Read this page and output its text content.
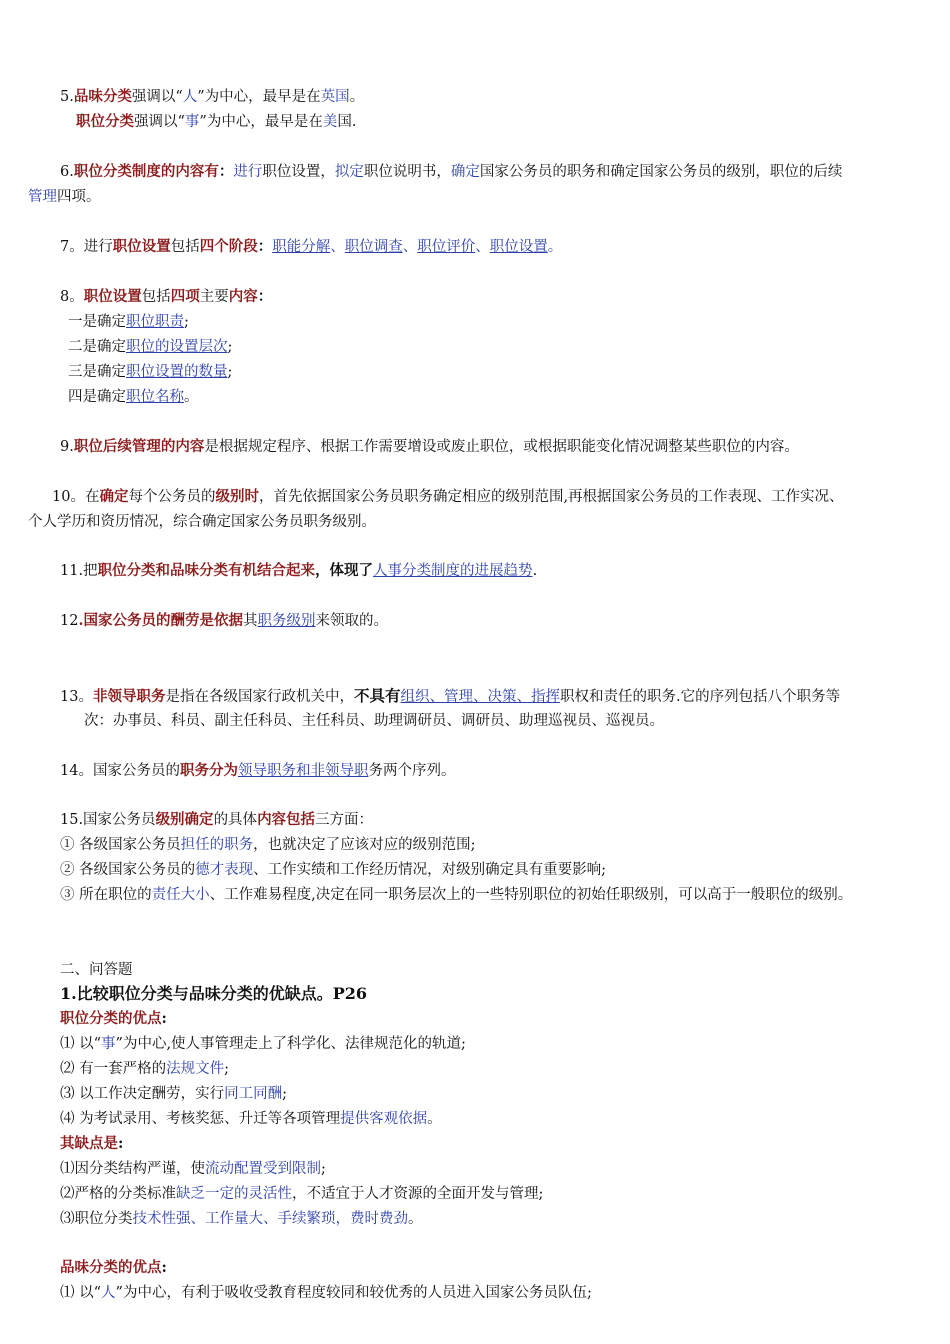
5.品味分类强调以“人”为中心，最早是在英国。
职位分类强调以“事”为中心，最早是在美国.
6.职位分类制度的内容有：进行职位设置，拟定职位说明书，确定国家公务员的职务和确定国家公务员的级别，职位的后续
管理四项。
7。进行职位设置包括四个阶段：职能分解、职位调查、职位评价、职位设置。
8。职位设置包括四项主要内容：
一是确定职位职责;
二是确定职位的设置层次;
三是确定职位设置的数量;
四是确定职位名称。
9.职位后续管理的内容是根据规定程序、根据工作需要增设或废止职位，或根据职能变化情况调整某些职位的内容。
10。在确定每个公务员的级别时，首先依据国家公务员职务确定相应的级别范围,再根据国家公务员的工作表现、工作实况、
个人学历和资历情况，综合确定国家公务员职务级别。
11.把职位分类和品味分类有机结合起来，体现了人事分类制度的进展趋势.
12.国家公务员的酬劳是依据其职务级别来领取的。
13。非领导职务是指在各级国家行政机关中，不具有组织、管理、决策、指挥职权和责任的职务.它的序列包括八个职务等
次：办事员、科员、副主任科员、主任科员、助理调研员、调研员、助理巡视员、巡视员。
14。国家公务员的职务分为领导职务和非领导职务两个序列。
15.国家公务员级别确定的具体内容包括三方面：
① 各级国家公务员担任的职务，也就决定了应该对应的级别范围;
② 各级国家公务员的德才表现、工作实绩和工作经历情况，对级别确定具有重要影响;
③ 所在职位的责任大小、工作难易程度,决定在同一职务层次上的一些特别职位的初始任职级别，可以高于一般职位的级别。
二、问答题
1.比较职位分类与品味分类的优缺点。P26
职位分类的优点:
⑴ 以“事”为中心,使人事管理走上了科学化、法律规范化的轨道;
⑵ 有一套严格的法规文件;
⑶ 以工作决定酬劳，实行同工同酬;
⑷ 为考试录用、考核奖惩、升迁等各项管理提供客观依据。
其缺点是:
⑴因分类结构严谨，使流动配置受到限制;
⑵严格的分类标准缺乏一定的灵活性，不适宜于人才资源的全面开发与管理;
⑶职位分类技术性强、工作量大、手续繁琐，费时费劲。
品味分类的优点:
⑴ 以“人”为中心，有利于吸收受教育程度较同和较优秀的人员进入国家公务员队伍;
